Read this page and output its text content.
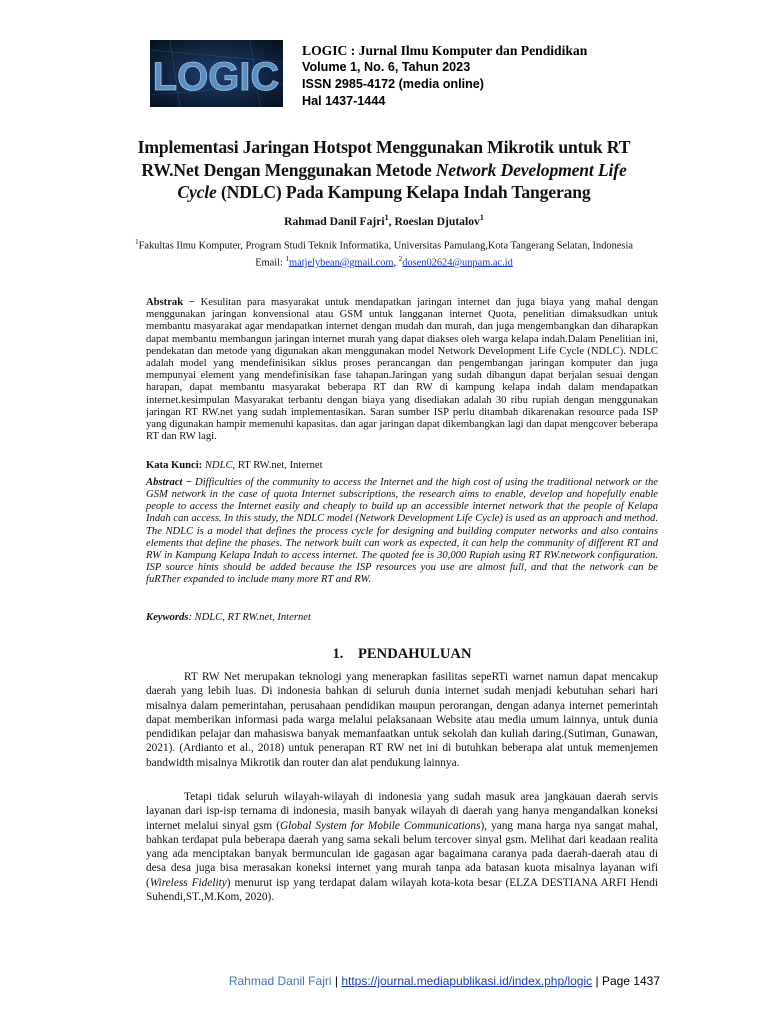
LOGIC
LOGIC : Jurnal Ilmu Komputer dan Pendidikan
Volume 1, No. 6, Tahun 2023
ISSN 2985-4172 (media online)
Hal 1437-1444
Implementasi Jaringan Hotspot Menggunakan Mikrotik untuk RT RW.Net Dengan Menggunakan Metode Network Development Life Cycle (NDLC) Pada Kampung Kelapa Indah Tangerang
Rahmad Danil Fajri$^1$, Roeslan Djutalov$^1$
$^1$Fakultas Ilmu Komputer, Program Studi Teknik Informatika, Universitas Pamulang,Kota Tangerang Selatan, Indonesia
Email: $^1$matjelybean@gmail.com, $^2$dosen02624@unpam.ac.id
Abstrak − Kesulitan para masyarakat untuk mendapatkan jaringan internet dan juga biaya yang mahal dengan menggunakan jaringan konvensional atau GSM untuk langganan internet Quota, penelitian dimaksudkan untuk membantu masyarakat agar mendapatkan internet dengan mudah dan murah, dan juga mengembangkan dan diharapkan dapat membantu membangun jaringan internet murah yang dapat diakses oleh warga kelapa indah.Dalam Penelitian ini, pendekatan dan metode yang digunakan akan menggunakan model Network Development Life Cycle (NDLC). NDLC adalah model yang mendefinisikan siklus proses perancangan dan pengembangan jaringan komputer dan juga mempunyai element yang mendefinisikan fase tahapan.Jaringan yang sudah dibangun dapat berjalan sesuai dengan harapan, dapat membantu masyarakat beberapa RT dan RW di kampung kelapa indah dalam mendapatkan internet.kesimpulan Masyarakat terbantu dengan biaya yang disediakan adalah 30 ribu rupiah dengan menggunakan jaringan RT RW.net yang sudah implementasikan. Saran sumber ISP perlu ditambah dikarenakan resource pada ISP yang digunakan hampir memenuhi kapasitas. dan agar jaringan dapat dikembangkan lagi dan dapat mengcover beberapa RT dan RW lagi.
Kata Kunci: NDLC, RT RW.net, Internet
Abstract − Difficulties of the community to access the Internet and the high cost of using the traditional network or the GSM network in the case of quota Internet subscriptions, the research aims to enable, develop and hopefully enable people to access the Internet easily and cheaply to build up an accessible internet network that the people of Kelapa Indah can access. In this study, the NDLC model (Network Development Life Cycle) is used as an approach and method. The NDLC is a model that defines the process cycle for designing and building computer networks and also contains elements that define the phases. The network built can work as expected, it can help the community of different RT and RW in Kampung Kelapa Indah to access internet. The quoted fee is 30,000 Rupiah using RT RW.network configuration. ISP source hints should be added because the ISP resources you use are almost full, and that the network can be fuRTher expanded to include many more RT and RW.
Keywords: NDLC, RT RW.net, Internet
1.    PENDAHULUAN
RT RW Net merupakan teknologi yang menerapkan fasilitas sepeRTi warnet namun dapat mencakup daerah yang lebih luas. Di indonesia bahkan di seluruh dunia internet sudah menjadi kebutuhan sehari hari misalnya dalam pemerintahan, perusahaan pendidikan maupun perorangan, dengan adanya internet pemerintah dapat memberikan informasi pada warga melalui pelaksanaan Website atau media umum lainnya, untuk dunia pendidikan pelajar dan mahasiswa banyak memanfaatkan untuk sekolah dan kuliah daring.(Sutiman, Gunawan, 2021). (Ardianto et al., 2018) untuk penerapan RT RW net ini di butuhkan beberapa alat untuk memenjemen bandwidth misalnya Mikrotik dan router dan alat pendukung lainnya.
Tetapi tidak seluruh wilayah-wilayah di indonesia yang sudah masuk area jangkauan daerah servis layanan dari isp-isp ternama di indonesia, masih banyak wilayah di daerah yang hanya mengandalkan koneksi internet melalui sinyal gsm (Global System for Mobile Communications), yang mana harga nya sangat mahal, bahkan terdapat pula beberapa daerah yang sama sekali belum tercover sinyal gsm. Melihat dari keadaan realita yang ada menciptakan banyak bermunculan ide gagasan agar bagaimana caranya pada daerah-daerah atau di desa desa juga bisa merasakan koneksi internet yang murah tanpa ada batasan kuota misalnya layanan wifi (Wireless Fidelity) menurut isp yang terdapat dalam wilayah kota-kota besar (ELZA DESTIANA ARFI Hendi Suhendi,ST.,M.Kom, 2020).
Rahmad Danil Fajri | https://journal.mediapublikasi.id/index.php/logic | Page 1437
